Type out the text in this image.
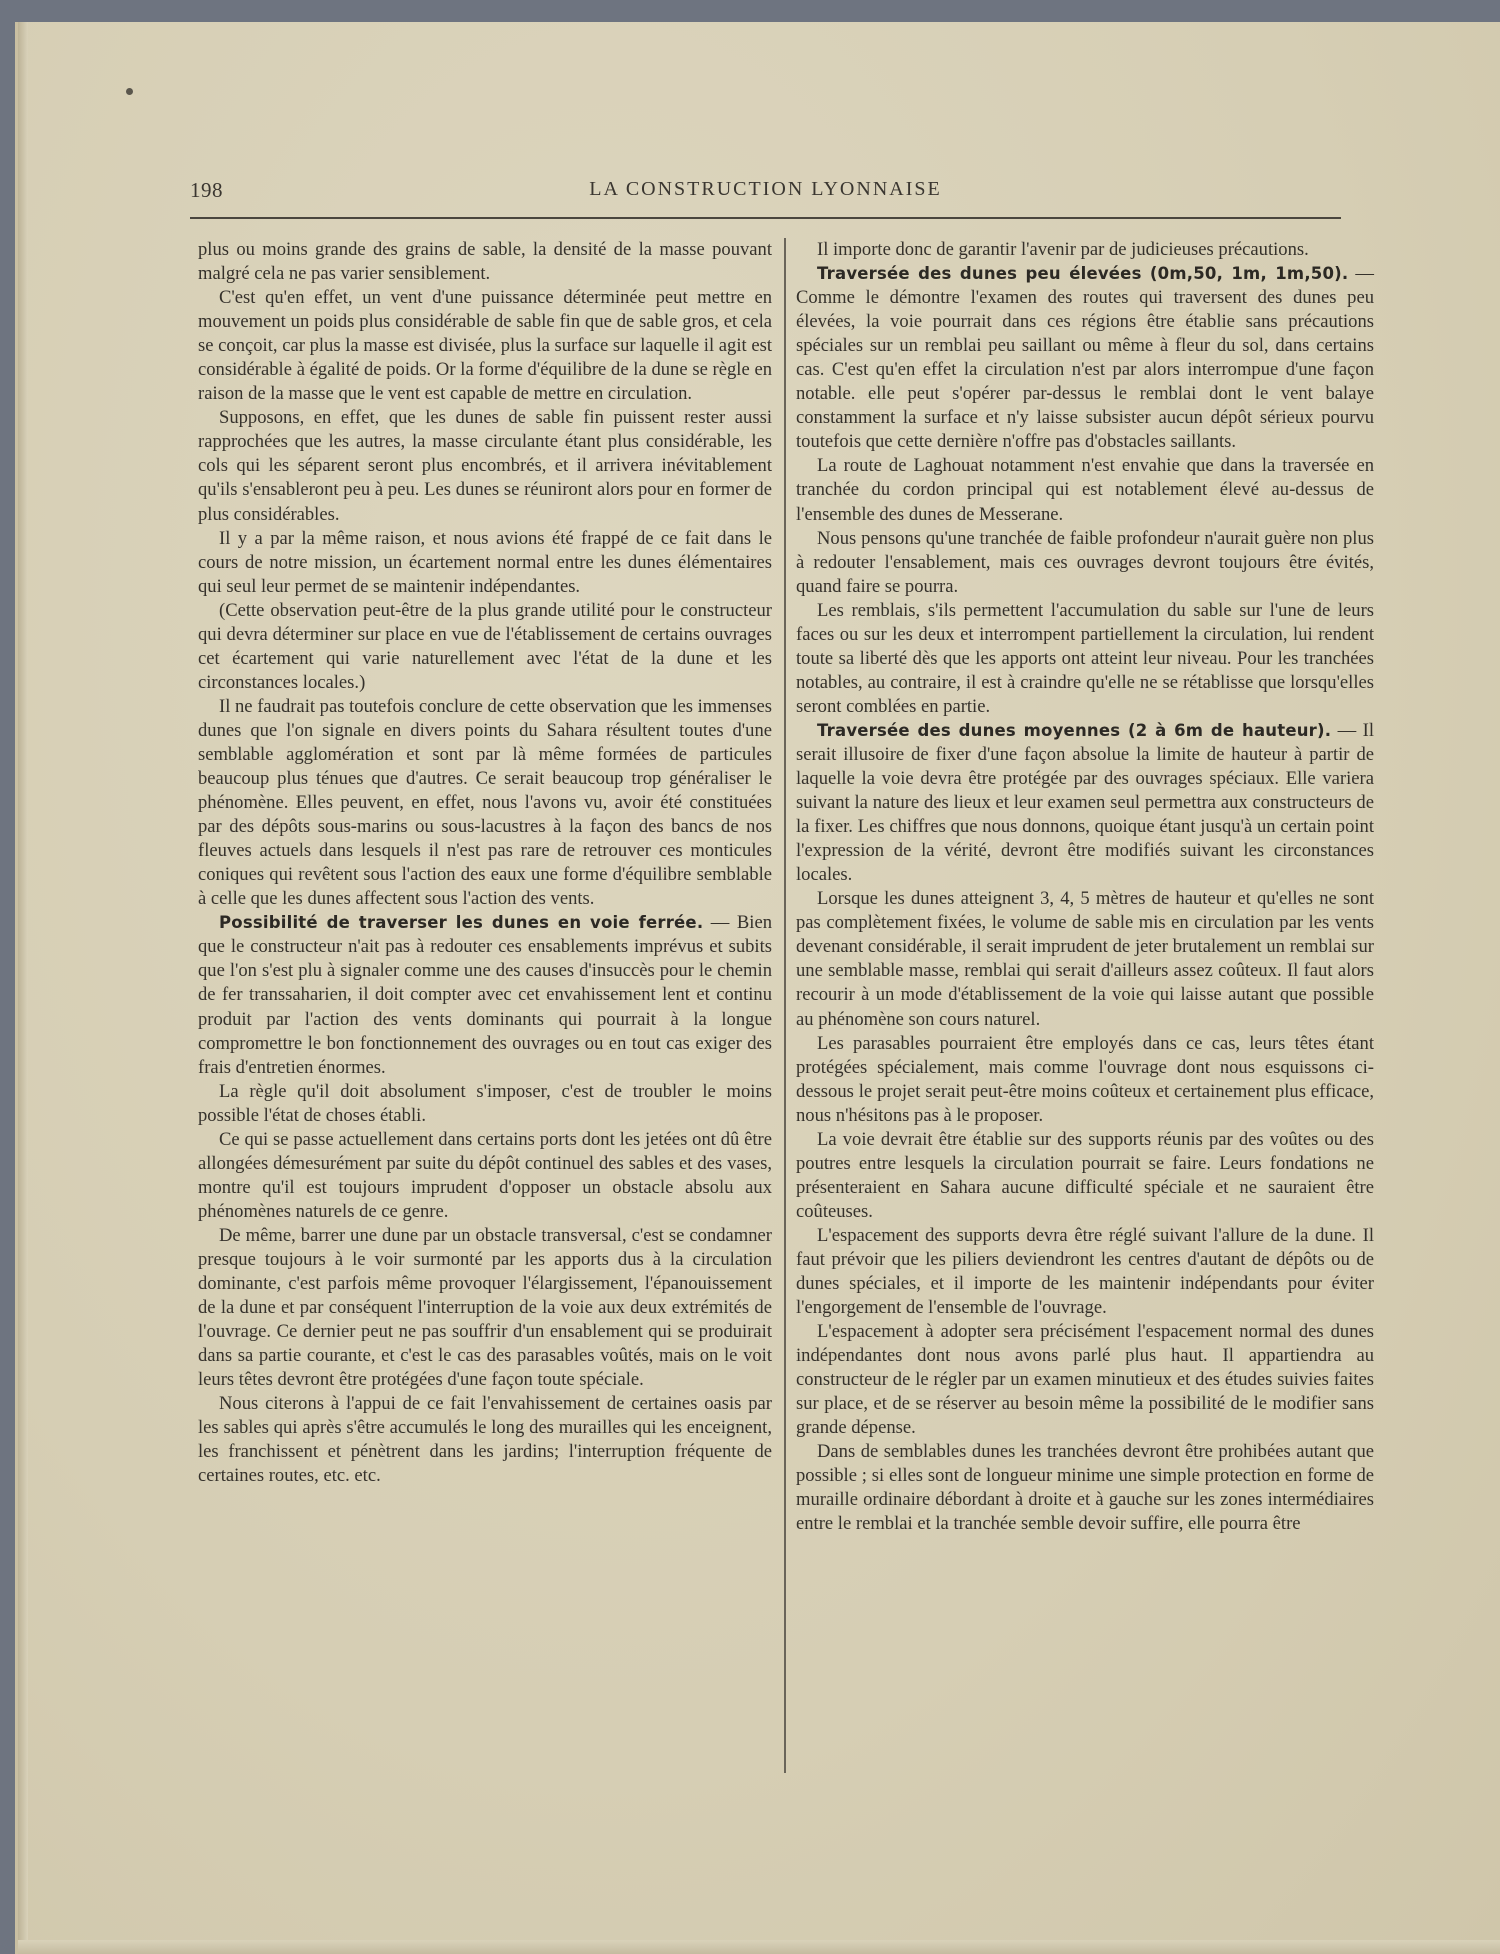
198	LA CONSTRUCTION LYONNAISE

plus ou moins grande des grains de sable, la densité de la masse pouvant malgré cela ne pas varier sensiblement.

C'est qu'en effet, un vent d'une puissance déterminée peut mettre en mouvement un poids plus considérable de sable fin que de sable gros, et cela se conçoit, car plus la masse est divisée, plus la surface sur laquelle il agit est considérable à égalité de poids. Or la forme d'équilibre de la dune se règle en raison de la masse que le vent est capable de mettre en circulation.

Supposons, en effet, que les dunes de sable fin puissent rester aussi rapprochées que les autres, la masse circulante étant plus considérable, les cols qui les séparent seront plus encombrés, et il arrivera inévitablement qu'ils s'ensableront peu à peu. Les dunes se réuniront alors pour en former de plus considérables.

Il y a par la même raison, et nous avions été frappé de ce fait dans le cours de notre mission, un écartement normal entre les dunes élémentaires qui seul leur permet de se maintenir indépendantes.

(Cette observation peut-être de la plus grande utilité pour le constructeur qui devra déterminer sur place en vue de l'établissement de certains ouvrages cet écartement qui varie naturellement avec l'état de la dune et les circonstances locales.)

Il ne faudrait pas toutefois conclure de cette observation que les immenses dunes que l'on signale en divers points du Sahara résultent toutes d'une semblable agglomération et sont par là même formées de particules beaucoup plus ténues que d'autres. Ce serait beaucoup trop généraliser le phénomène. Elles peuvent, en effet, nous l'avons vu, avoir été constituées par des dépôts sous-marins ou sous-lacustres à la façon des bancs de nos fleuves actuels dans lesquels il n'est pas rare de retrouver ces monticules coniques qui revêtent sous l'action des eaux une forme d'équilibre semblable à celle que les dunes affectent sous l'action des vents.

Possibilité de traverser les dunes en voie ferrée. — Bien que le constructeur n'ait pas à redouter ces ensablements imprévus et subits que l'on s'est plu à signaler comme une des causes d'insuccès pour le chemin de fer transsaharien, il doit compter avec cet envahissement lent et continu produit par l'action des vents dominants qui pourrait à la longue compromettre le bon fonctionnement des ouvrages ou en tout cas exiger des frais d'entretien énormes.

La règle qu'il doit absolument s'imposer, c'est de troubler le moins possible l'état de choses établi.

Ce qui se passe actuellement dans certains ports dont les jetées ont dû être allongées démesurément par suite du dépôt continuel des sables et des vases, montre qu'il est toujours imprudent d'opposer un obstacle absolu aux phénomènes naturels de ce genre.

De même, barrer une dune par un obstacle transversal, c'est se condamner presque toujours à le voir surmonté par les apports dus à la circulation dominante, c'est parfois même provoquer l'élargissement, l'épanouissement de la dune et par conséquent l'interruption de la voie aux deux extrémités de l'ouvrage. Ce dernier peut ne pas souffrir d'un ensablement qui se produirait dans sa partie courante, et c'est le cas des parasables voûtés, mais on le voit leurs têtes devront être protégées d'une façon toute spéciale.

Nous citerons à l'appui de ce fait l'envahissement de certaines oasis par les sables qui après s'être accumulés le long des murailles qui les enceignent, les franchissent et pénètrent dans les jardins; l'interruption fréquente de certaines routes, etc. etc.

Il importe donc de garantir l'avenir par de judicieuses précautions.

Traversée des dunes peu élevées (0m,50, 1m, 1m,50). — Comme le démontre l'examen des routes qui traversent des dunes peu élevées, la voie pourrait dans ces régions être établie sans précautions spéciales sur un remblai peu saillant ou même à fleur du sol, dans certains cas. C'est qu'en effet la circulation n'est par alors interrompue d'une façon notable. elle peut s'opérer par-dessus le remblai dont le vent balaye constamment la surface et n'y laisse subsister aucun dépôt sérieux pourvu toutefois que cette dernière n'offre pas d'obstacles saillants.

La route de Laghouat notamment n'est envahie que dans la traversée en tranchée du cordon principal qui est notablement élevé au-dessus de l'ensemble des dunes de Messerane.

Nous pensons qu'une tranchée de faible profondeur n'aurait guère non plus à redouter l'ensablement, mais ces ouvrages devront toujours être évités, quand faire se pourra.

Les remblais, s'ils permettent l'accumulation du sable sur l'une de leurs faces ou sur les deux et interrompent partiellement la circulation, lui rendent toute sa liberté dès que les apports ont atteint leur niveau. Pour les tranchées notables, au contraire, il est à craindre qu'elle ne se rétablisse que lorsqu'elles seront comblées en partie.

Traversée des dunes moyennes (2 à 6m de hauteur). — Il serait illusoire de fixer d'une façon absolue la limite de hauteur à partir de laquelle la voie devra être protégée par des ouvrages spéciaux. Elle variera suivant la nature des lieux et leur examen seul permettra aux constructeurs de la fixer. Les chiffres que nous donnons, quoique étant jusqu'à un certain point l'expression de la vérité, devront être modifiés suivant les circonstances locales.

Lorsque les dunes atteignent 3, 4, 5 mètres de hauteur et qu'elles ne sont pas complètement fixées, le volume de sable mis en circulation par les vents devenant considérable, il serait imprudent de jeter brutalement un remblai sur une semblable masse, remblai qui serait d'ailleurs assez coûteux. Il faut alors recourir à un mode d'établissement de la voie qui laisse autant que possible au phénomène son cours naturel.

Les parasables pourraient être employés dans ce cas, leurs têtes étant protégées spécialement, mais comme l'ouvrage dont nous esquissons ci-dessous le projet serait peut-être moins coûteux et certainement plus efficace, nous n'hésitons pas à le proposer.

La voie devrait être établie sur des supports réunis par des voûtes ou des poutres entre lesquels la circulation pourrait se faire. Leurs fondations ne présenteraient en Sahara aucune difficulté spéciale et ne sauraient être coûteuses.

L'espacement des supports devra être réglé suivant l'allure de la dune. Il faut prévoir que les piliers deviendront les centres d'autant de dépôts ou de dunes spéciales, et il importe de les maintenir indépendants pour éviter l'engorgement de l'ensemble de l'ouvrage.

L'espacement à adopter sera précisément l'espacement normal des dunes indépendantes dont nous avons parlé plus haut. Il appartiendra au constructeur de le régler par un examen minutieux et des études suivies faites sur place, et de se réserver au besoin même la possibilité de le modifier sans grande dépense.

Dans de semblables dunes les tranchées devront être prohibées autant que possible ; si elles sont de longueur minime une simple protection en forme de muraille ordinaire débordant à droite et à gauche sur les zones intermédiaires entre le remblai et la tranchée semble devoir suffire, elle pourra être
